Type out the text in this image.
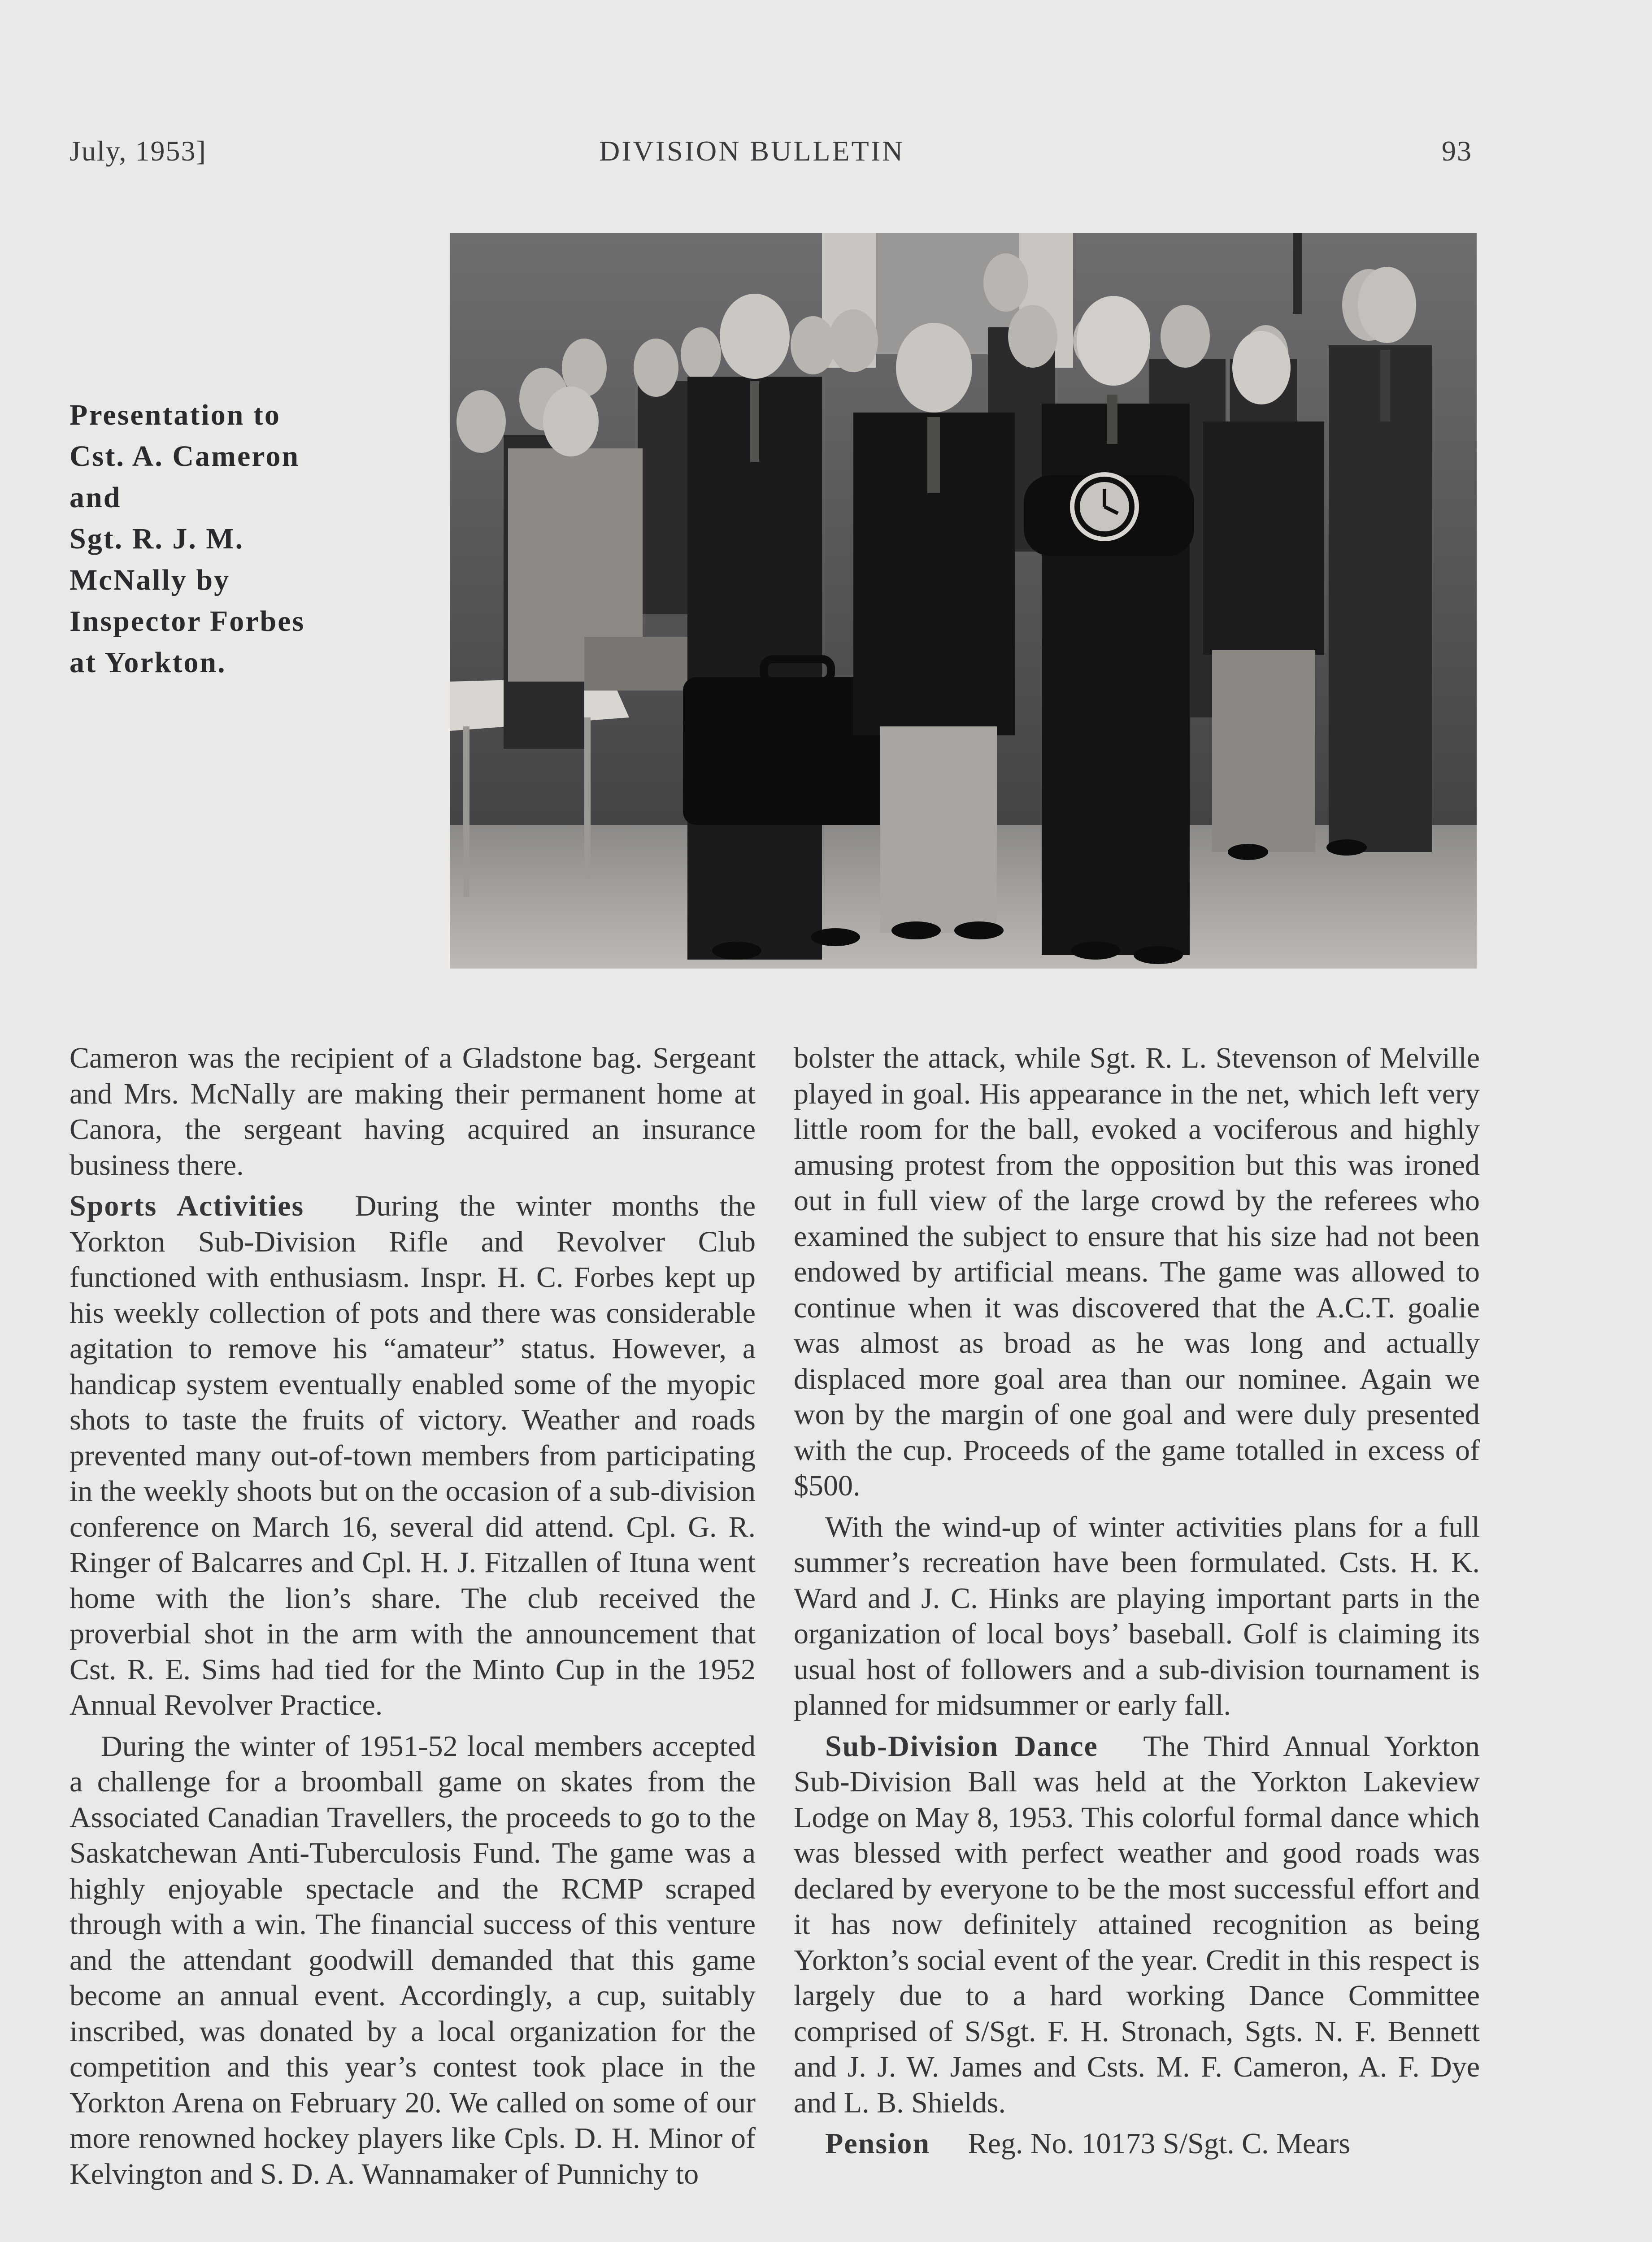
July, 1953]	DIVISION BULLETIN	93
Presentation to
Cst. A. Cameron
and
Sgt. R. J. M.
McNally by
Inspector Forbes
at Yorkton.

Cameron was the recipient of a Gladstone bag. Sergeant and Mrs. McNally are making their permanent home at Canora, the sergeant having acquired an insurance business there.

Sports Activities  During the winter months the Yorkton Sub-Division Rifle and Revolver Club functioned with enthusiasm. Inspr. H. C. Forbes kept up his weekly collection of pots and there was considerable agitation to remove his “amateur” status. However, a handicap system eventually enabled some of the myopic shots to taste the fruits of victory. Weather and roads prevented many out-of-town members from participating in the weekly shoots but on the occasion of a sub-division conference on March 16, several did attend. Cpl. G. R. Ringer of Balcarres and Cpl. H. J. Fitzallen of Ituna went home with the lion’s share. The club received the proverbial shot in the arm with the announcement that Cst. R. E. Sims had tied for the Minto Cup in the 1952 Annual Revolver Practice.

During the winter of 1951-52 local members accepted a challenge for a broomball game on skates from the Associated Canadian Travellers, the proceeds to go to the Saskatchewan Anti-Tuberculosis Fund. The game was a highly enjoyable spectacle and the RCMP scraped through with a win. The financial success of this venture and the attendant goodwill demanded that this game become an annual event. Accordingly, a cup, suitably inscribed, was donated by a local organization for the competition and this year’s contest took place in the Yorkton Arena on February 20. We called on some of our more renowned hockey players like Cpls. D. H. Minor of Kelvington and S. D. A. Wannamaker of Punnichy to

bolster the attack, while Sgt. R. L. Stevenson of Melville played in goal. His appearance in the net, which left very little room for the ball, evoked a vociferous and highly amusing protest from the opposition but this was ironed out in full view of the large crowd by the referees who examined the subject to ensure that his size had not been endowed by artificial means. The game was allowed to continue when it was discovered that the A.C.T. goalie was almost as broad as he was long and actually displaced more goal area than our nominee. Again we won by the margin of one goal and were duly presented with the cup. Proceeds of the game totalled in excess of $500.

With the wind-up of winter activities plans for a full summer’s recreation have been formulated. Csts. H. K. Ward and J. C. Hinks are playing important parts in the organization of local boys’ baseball. Golf is claiming its usual host of followers and a sub-division tournament is planned for midsummer or early fall.

Sub-Division Dance  The Third Annual Yorkton Sub-Division Ball was held at the Yorkton Lakeview Lodge on May 8, 1953. This colorful formal dance which was blessed with perfect weather and good roads was declared by everyone to be the most successful effort and it has now definitely attained recognition as being Yorkton’s social event of the year. Credit in this respect is largely due to a hard working Dance Committee comprised of S/Sgt. F. H. Stronach, Sgts. N. F. Bennett and J. J. W. James and Csts. M. F. Cameron, A. F. Dye and L. B. Shields.

Pension  Reg. No. 10173 S/Sgt. C. Mears
